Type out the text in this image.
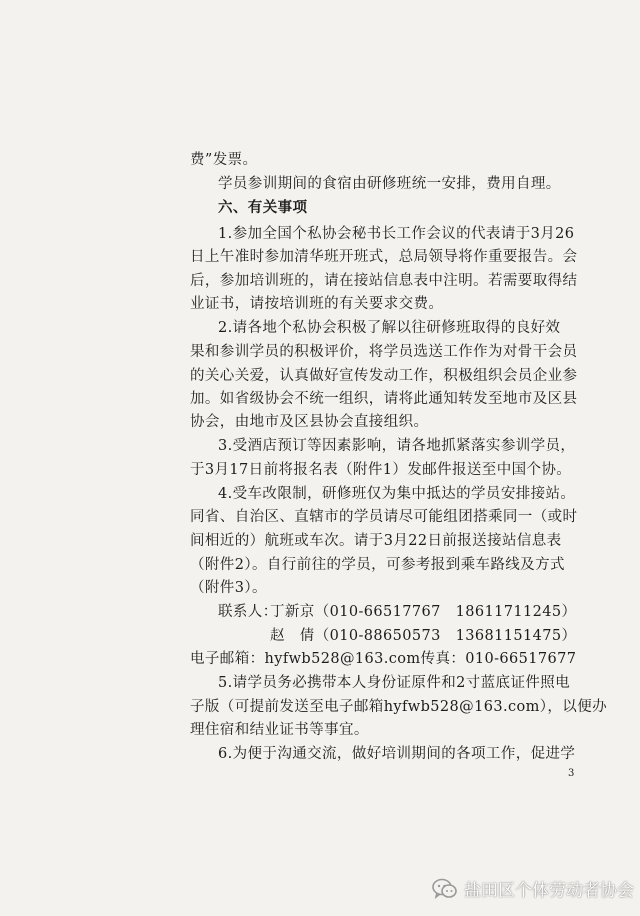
费”发票。
学员参训期间的食宿由研修班统一安排，费用自理。
六、有关事项
1.参加全国个私协会秘书长工作会议的代表请于3月26
日上午准时参加清华班开班式，总局领导将作重要报告。会
后，参加培训班的，请在接站信息表中注明。若需要取得结
业证书，请按培训班的有关要求交费。
2.请各地个私协会积极了解以往研修班取得的良好效
果和参训学员的积极评价，将学员选送工作作为对骨干会员
的关心关爱，认真做好宣传发动工作，积极组织会员企业参
加。如省级协会不统一组织，请将此通知转发至地市及区县
协会，由地市及区县协会直接组织。
3.受酒店预订等因素影响，请各地抓紧落实参训学员，
于3月17日前将报名表（附件1）发邮件报送至中国个协。
4.受车改限制，研修班仅为集中抵达的学员安排接站。
同省、自治区、直辖市的学员请尽可能组团搭乘同一（或时
间相近的）航班或车次。请于3月22日前报送接站信息表
（附件2）。自行前往的学员，可参考报到乘车路线及方式
（附件3）。
联系人：
丁新京（010-66517767　18611711245）
赵　倩（010-88650573　13681151475）
电子邮箱：hyfwb528@163.com传真：010-66517677
5.请学员务必携带本人身份证原件和2寸蓝底证件照电
子版（可提前发送至电子邮箱hyfwb528@163.com），以便办
理住宿和结业证书等事宜。
6.为便于沟通交流，做好培训期间的各项工作，促进学
3
盐田区个体劳动者协会
